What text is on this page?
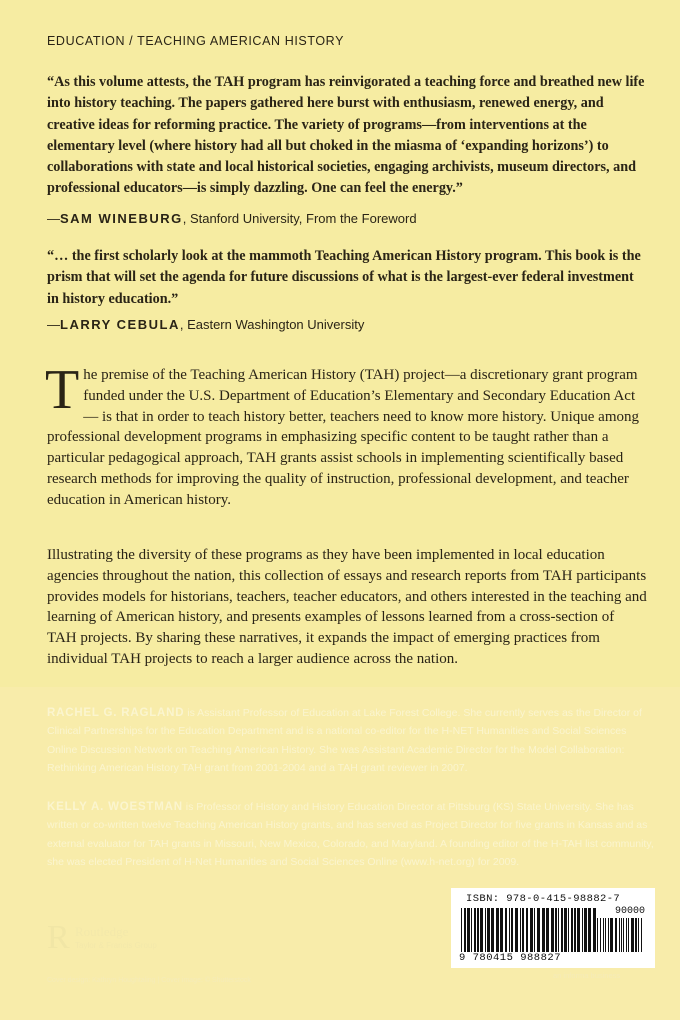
EDUCATION / TEACHING AMERICAN HISTORY
“As this volume attests, the TAH program has reinvigorated a teaching force and breathed new life into history teaching. The papers gathered here burst with enthusiasm, renewed energy, and creative ideas for reforming practice. The variety of programs—from interventions at the elementary level (where history had all but choked in the miasma of ‘expanding horizons’) to collaborations with state and local historical societies, engaging archivists, museum directors, and professional educators—is simply dazzling. One can feel the energy.”
—SAM WINEBURG, Stanford University, From the Foreword
“… the first scholarly look at the mammoth Teaching American History program. This book is the prism that will set the agenda for future discussions of what is the largest-ever federal investment in history education.”
—LARRY CEBULA, Eastern Washington University
The premise of the Teaching American History (TAH) project—a discretionary grant program funded under the U.S. Department of Education’s Elementary and Secondary Education Act— is that in order to teach history better, teachers need to know more history. Unique among professional development programs in emphasizing specific content to be taught rather than a particular pedagogical approach, TAH grants assist schools in implementing scientifically based research methods for improving the quality of instruction, professional development, and teacher education in American history.
Illustrating the diversity of these programs as they have been implemented in local education agencies throughout the nation, this collection of essays and research reports from TAH participants provides models for historians, teachers, teacher educators, and others interested in the teaching and learning of American history, and presents examples of lessons learned from a cross-section of TAH projects. By sharing these narratives, it expands the impact of emerging practices from individual TAH projects to reach a larger audience across the nation.
RACHEL G. RAGLAND is Assistant Professor of Education at Lake Forest College. She currently serves as the Director of Clinical Partnerships for the Education Department and is a national co-editor for the H-NET Humanities and Social Sciences Online Discussion Network on Teaching American History. She was Assistant Academic Director for the Model Collaboration: Rethinking American History TAH grant from 2001-2004 and a TAH grant reviewer in 2007.
KELLY A. WOESTMAN is Professor of History and History Education Director at Pittsburg (KS) State University. She has written or co-written twelve Teaching American History grants, and has served as Project Director for five grants in Kansas and as external evaluator for TAH grants in Missouri, New Mexico, Colorado, and Maryland. A founding editor of the H-TAH list community, she was elected President of H-Net Humanities and Social Sciences Online (www.h-net.org) for 2009.
R Routledge
Taylor & Francis Group
Cover design: Kathryn Houghtaling | Cover image: © Shutterstock
ISBN: 978-0-415-98882-7
90000
9 780415 988827
an informa business
